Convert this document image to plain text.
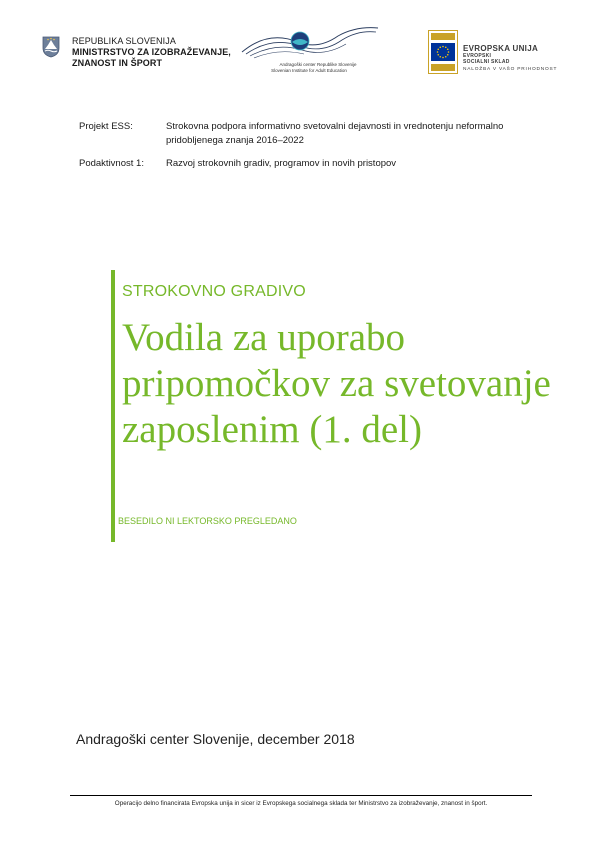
REPUBLIKA SLOVENIJA
MINISTRSTVO ZA IZOBRAŽEVANJE,
ZNANOST IN ŠPORT	Andragoški center Republike Slovenije
Slovenian Institute for Adult Education
EVROPSKA UNIJA
EVROPSKI
SOCIALNI SKLAD
NALOŽBA V VAŠO PRIHODNOST
Projekt ESS:	Strokovna podpora informativno svetovalni dejavnosti in vrednotenju neformalno pridobljenega znanja 2016–2022
Podaktivnost 1:	Razvoj strokovnih gradiv, programov in novih pristopov
STROKOVNO GRADIVO
Vodila za uporabo pripomočkov za svetovanje zaposlenim (1. del)
BESEDILO NI LEKTORSKO PREGLEDANO
Andragoški center Slovenije, december 2018
Operacijo delno financirata Evropska unija in sicer iz Evropskega socialnega sklada ter Ministrstvo za izobraževanje, znanost in šport.
